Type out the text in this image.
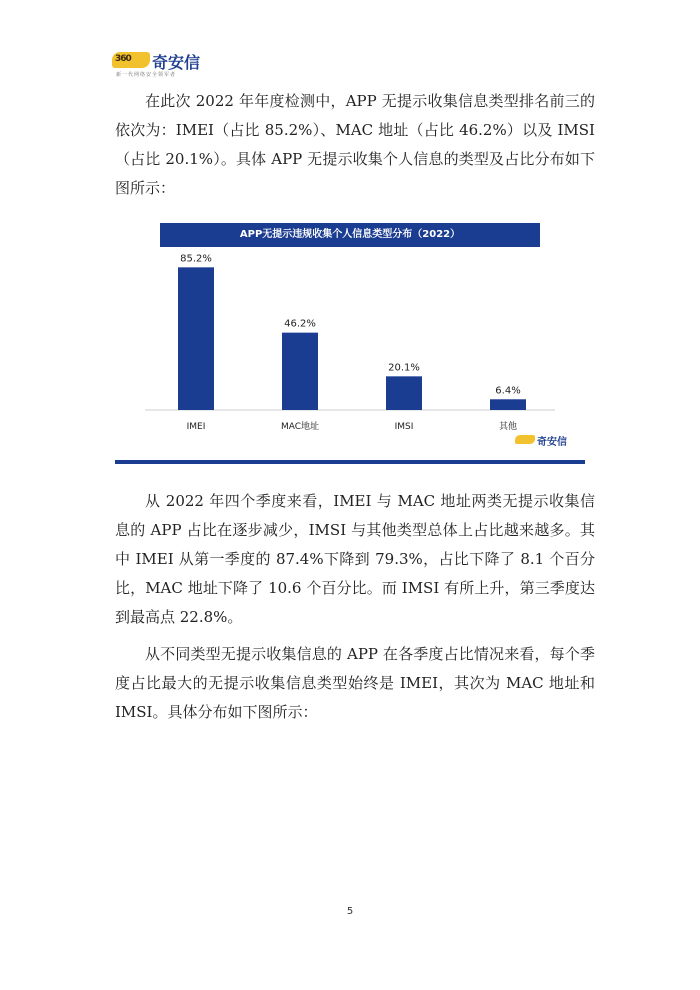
360 奇安信
新一代网络安全领军者

在此次 2022 年年度检测中，APP 无提示收集信息类型排名前三的依次为：IMEI（占比 85.2%）、MAC 地址（占比 46.2%）以及 IMSI（占比 20.1%）。具体 APP 无提示收集个人信息的类型及占比分布如下图所示：

APP无提示违规收集个人信息类型分布（2022）
85.2%
IMEI
46.2%
MAC地址
20.1%
IMSI
6.4%
其他
奇安信

从 2022 年四个季度来看，IMEI 与 MAC 地址两类无提示收集信息的 APP 占比在逐步减少，IMSI 与其他类型总体上占比越来越多。其中 IMEI 从第一季度的 87.4%下降到 79.3%，占比下降了 8.1 个百分比，MAC 地址下降了 10.6 个百分比。而 IMSI 有所上升，第三季度达到最高点 22.8%。

从不同类型无提示收集信息的 APP 在各季度占比情况来看，每个季度占比最大的无提示收集信息类型始终是 IMEI，其次为 MAC 地址和 IMSI。具体分布如下图所示：

5
